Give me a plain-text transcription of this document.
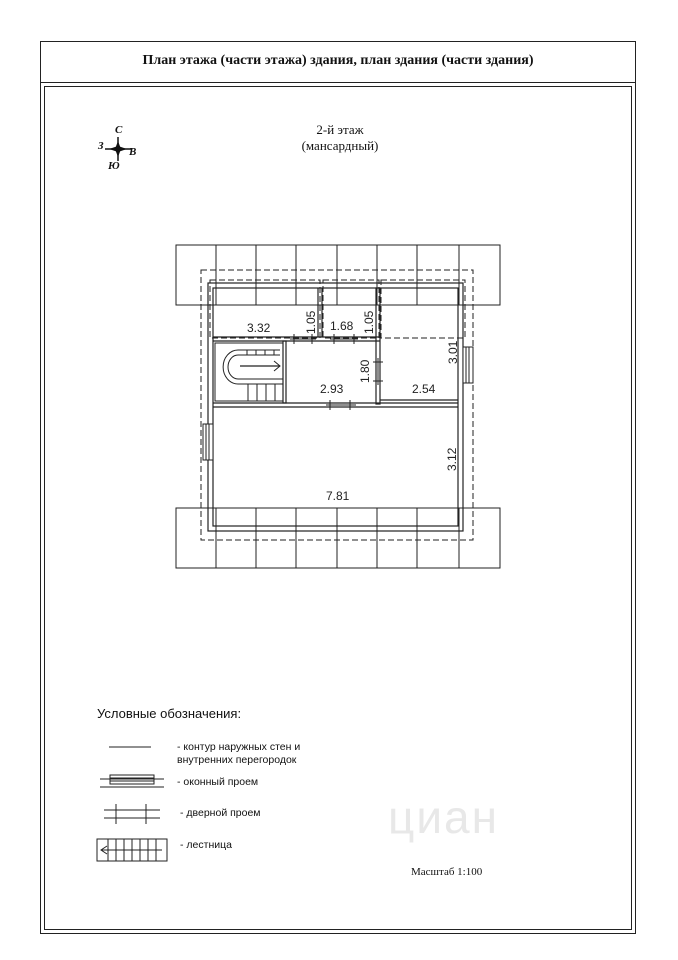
План этажа (части этажа) здания, план здания (части здания)
2-й этаж
(мансардный)
С
З В
Ю
3.32	1.05 1.68 1.05
1.80
2.93	2.54
3.01
3.12
7.81
Условные обозначения:
- контур наружных стен и
внутренних перегородок
- оконный проем
- дверной проем
- лестница
Масштаб 1:100
циан
